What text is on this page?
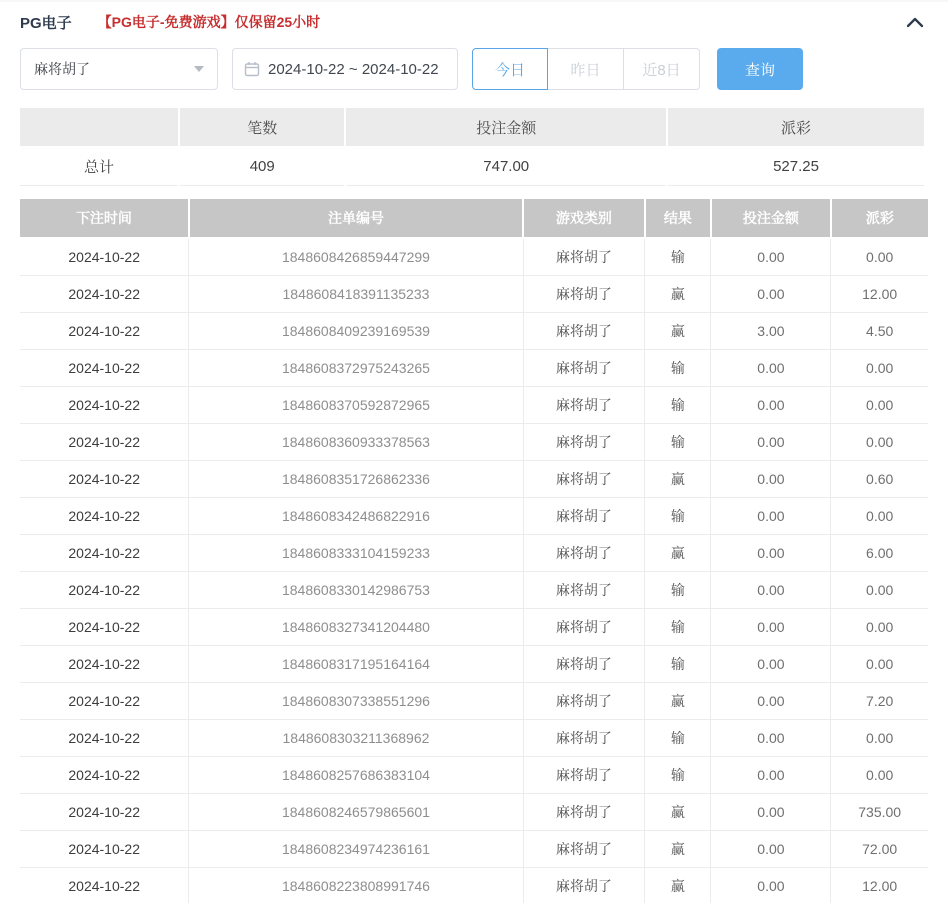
PG电子 【PG电子-免费游戏】仅保留25小时
麻将胡了	2024-10-22 ~ 2024-10-22	今日	昨日	近8日	查询
	笔数	投注金额	派彩
总计	409	747.00	527.25
下注时间	注单编号	游戏类别	结果	投注金额	派彩
2024-10-22	1848608426859447299	麻将胡了	输	0.00	0.00
2024-10-22	1848608418391135233	麻将胡了	赢	0.00	12.00
2024-10-22	1848608409239169539	麻将胡了	赢	3.00	4.50
2024-10-22	1848608372975243265	麻将胡了	输	0.00	0.00
2024-10-22	1848608370592872965	麻将胡了	输	0.00	0.00
2024-10-22	1848608360933378563	麻将胡了	输	0.00	0.00
2024-10-22	1848608351726862336	麻将胡了	赢	0.00	0.60
2024-10-22	1848608342486822916	麻将胡了	输	0.00	0.00
2024-10-22	1848608333104159233	麻将胡了	赢	0.00	6.00
2024-10-22	1848608330142986753	麻将胡了	输	0.00	0.00
2024-10-22	1848608327341204480	麻将胡了	输	0.00	0.00
2024-10-22	1848608317195164164	麻将胡了	输	0.00	0.00
2024-10-22	1848608307338551296	麻将胡了	赢	0.00	7.20
2024-10-22	1848608303211368962	麻将胡了	输	0.00	0.00
2024-10-22	1848608257686383104	麻将胡了	输	0.00	0.00
2024-10-22	1848608246579865601	麻将胡了	赢	0.00	735.00
2024-10-22	1848608234974236161	麻将胡了	赢	0.00	72.00
2024-10-22	1848608223808991746	麻将胡了	赢	0.00	12.00
